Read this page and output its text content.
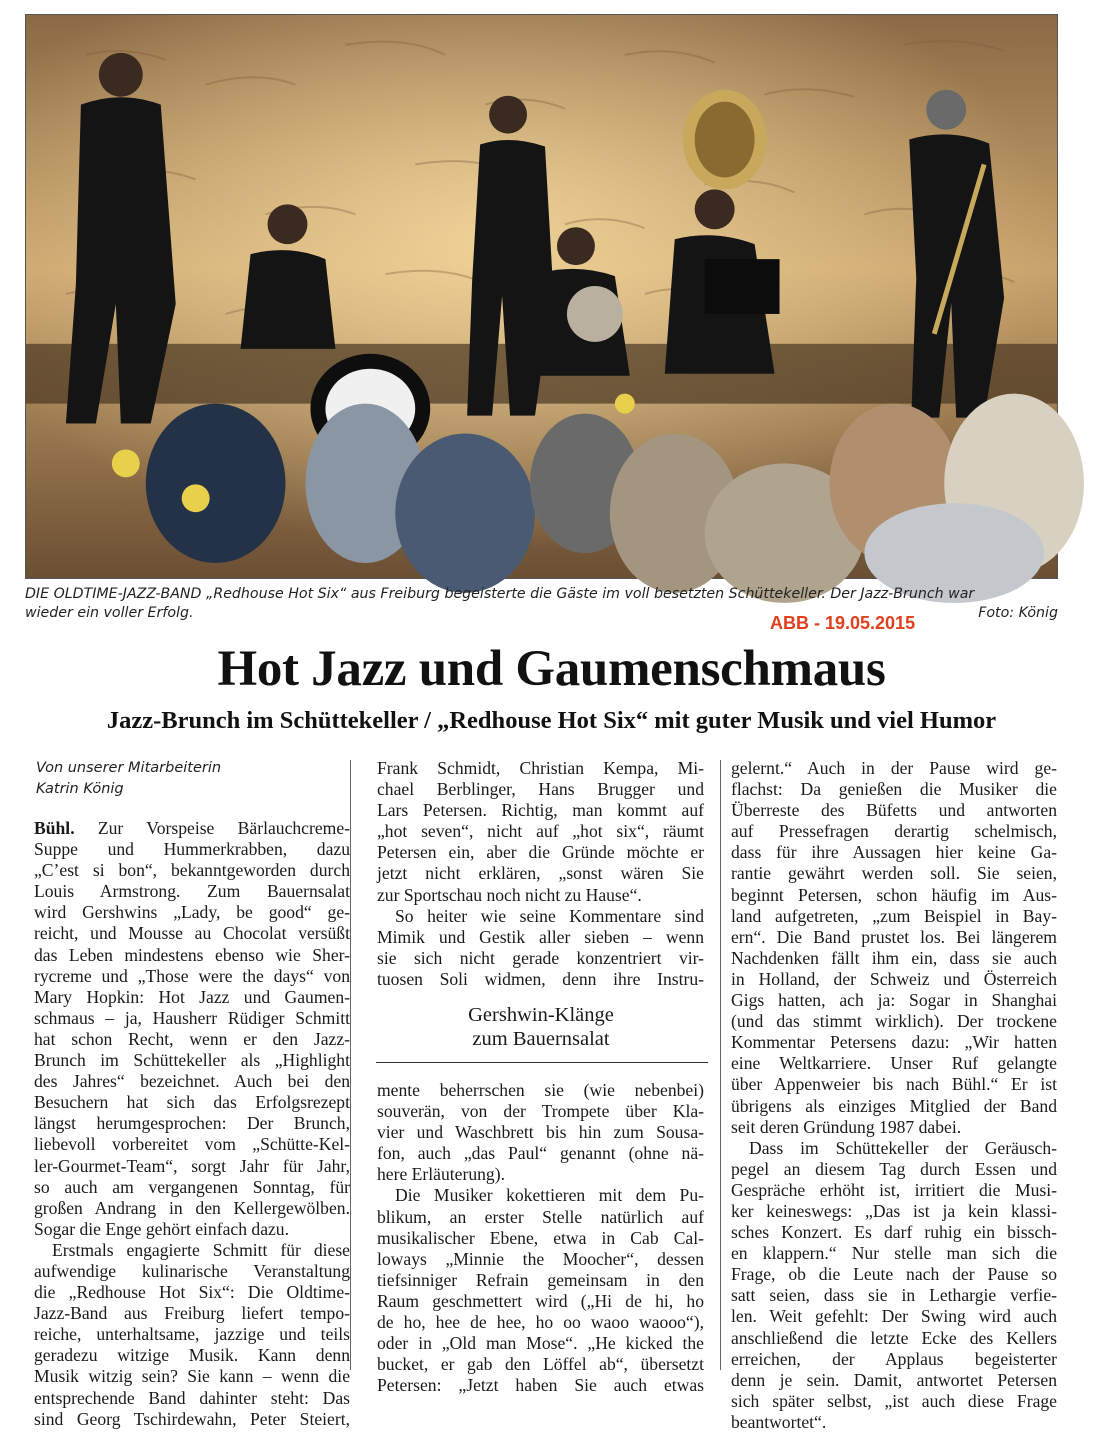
DIE OLDTIME-JAZZ-BAND „Redhouse Hot Six“ aus Freiburg begeisterte die Gäste im voll besetzten Schüttekeller. Der Jazz-Brunch war
wieder ein voller Erfolg.	Foto: König
ABB - 19.05.2015
Hot Jazz und Gaumenschmaus
Jazz-Brunch im Schüttekeller / „Redhouse Hot Six“ mit guter Musik und viel Humor
Von unserer Mitarbeiterin
Katrin König
Bühl. Zur Vorspeise Bärlauchcreme-
Suppe und Hummerkrabben, dazu
„C’est si bon“, bekanntgeworden durch
Louis Armstrong. Zum Bauernsalat
wird Gershwins „Lady, be good“ ge-
reicht, und Mousse au Chocolat versüßt
das Leben mindestens ebenso wie Sher-
rycreme und „Those were the days“ von
Mary Hopkin: Hot Jazz und Gaumen-
schmaus – ja, Hausherr Rüdiger Schmitt
hat schon Recht, wenn er den Jazz-
Brunch im Schüttekeller als „Highlight
des Jahres“ bezeichnet. Auch bei den
Besuchern hat sich das Erfolgsrezept
längst herumgesprochen: Der Brunch,
liebevoll vorbereitet vom „Schütte-Kel-
ler-Gourmet-Team“, sorgt Jahr für Jahr,
so auch am vergangenen Sonntag, für
großen Andrang in den Kellergewölben.
Sogar die Enge gehört einfach dazu.
Erstmals engagierte Schmitt für diese
aufwendige kulinarische Veranstaltung
die „Redhouse Hot Six“: Die Oldtime-
Jazz-Band aus Freiburg liefert tempo-
reiche, unterhaltsame, jazzige und teils
geradezu witzige Musik. Kann denn
Musik witzig sein? Sie kann – wenn die
entsprechende Band dahinter steht: Das
sind Georg Tschirdewahn, Peter Steiert,
Frank Schmidt, Christian Kempa, Mi-
chael Berblinger, Hans Brugger und
Lars Petersen. Richtig, man kommt auf
„hot seven“, nicht auf „hot six“, räumt
Petersen ein, aber die Gründe möchte er
jetzt nicht erklären, „sonst wären Sie
zur Sportschau noch nicht zu Hause“.
So heiter wie seine Kommentare sind
Mimik und Gestik aller sieben – wenn
sie sich nicht gerade konzentriert vir-
tuosen Soli widmen, denn ihre Instru-
Gershwin-Klänge
zum Bauernsalat
mente beherrschen sie (wie nebenbei)
souverän, von der Trompete über Kla-
vier und Waschbrett bis hin zum Sousa-
fon, auch „das Paul“ genannt (ohne nä-
here Erläuterung).
Die Musiker kokettieren mit dem Pu-
blikum, an erster Stelle natürlich auf
musikalischer Ebene, etwa in Cab Cal-
loways „Minnie the Moocher“, dessen
tiefsinniger Refrain gemeinsam in den
Raum geschmettert wird („Hi de hi, ho
de ho, hee de hee, ho oo waoo waooo“),
oder in „Old man Mose“. „He kicked the
bucket, er gab den Löffel ab“, übersetzt
Petersen: „Jetzt haben Sie auch etwas
gelernt.“ Auch in der Pause wird ge-
flachst: Da genießen die Musiker die
Überreste des Büfetts und antworten
auf Pressefragen derartig schelmisch,
dass für ihre Aussagen hier keine Ga-
rantie gewährt werden soll. Sie seien,
beginnt Petersen, schon häufig im Aus-
land aufgetreten, „zum Beispiel in Bay-
ern“. Die Band prustet los. Bei längerem
Nachdenken fällt ihm ein, dass sie auch
in Holland, der Schweiz und Österreich
Gigs hatten, ach ja: Sogar in Shanghai
(und das stimmt wirklich). Der trockene
Kommentar Petersens dazu: „Wir hatten
eine Weltkarriere. Unser Ruf gelangte
über Appenweier bis nach Bühl.“ Er ist
übrigens als einziges Mitglied der Band
seit deren Gründung 1987 dabei.
Dass im Schüttekeller der Geräusch-
pegel an diesem Tag durch Essen und
Gespräche erhöht ist, irritiert die Musi-
ker keineswegs: „Das ist ja kein klassi-
sches Konzert. Es darf ruhig ein bissch-
en klappern.“ Nur stelle man sich die
Frage, ob die Leute nach der Pause so
satt seien, dass sie in Lethargie verfie-
len. Weit gefehlt: Der Swing wird auch
anschließend die letzte Ecke des Kellers
erreichen, der Applaus begeisterter
denn je sein. Damit, antwortet Petersen
sich später selbst, „ist auch diese Frage
beantwortet“.
